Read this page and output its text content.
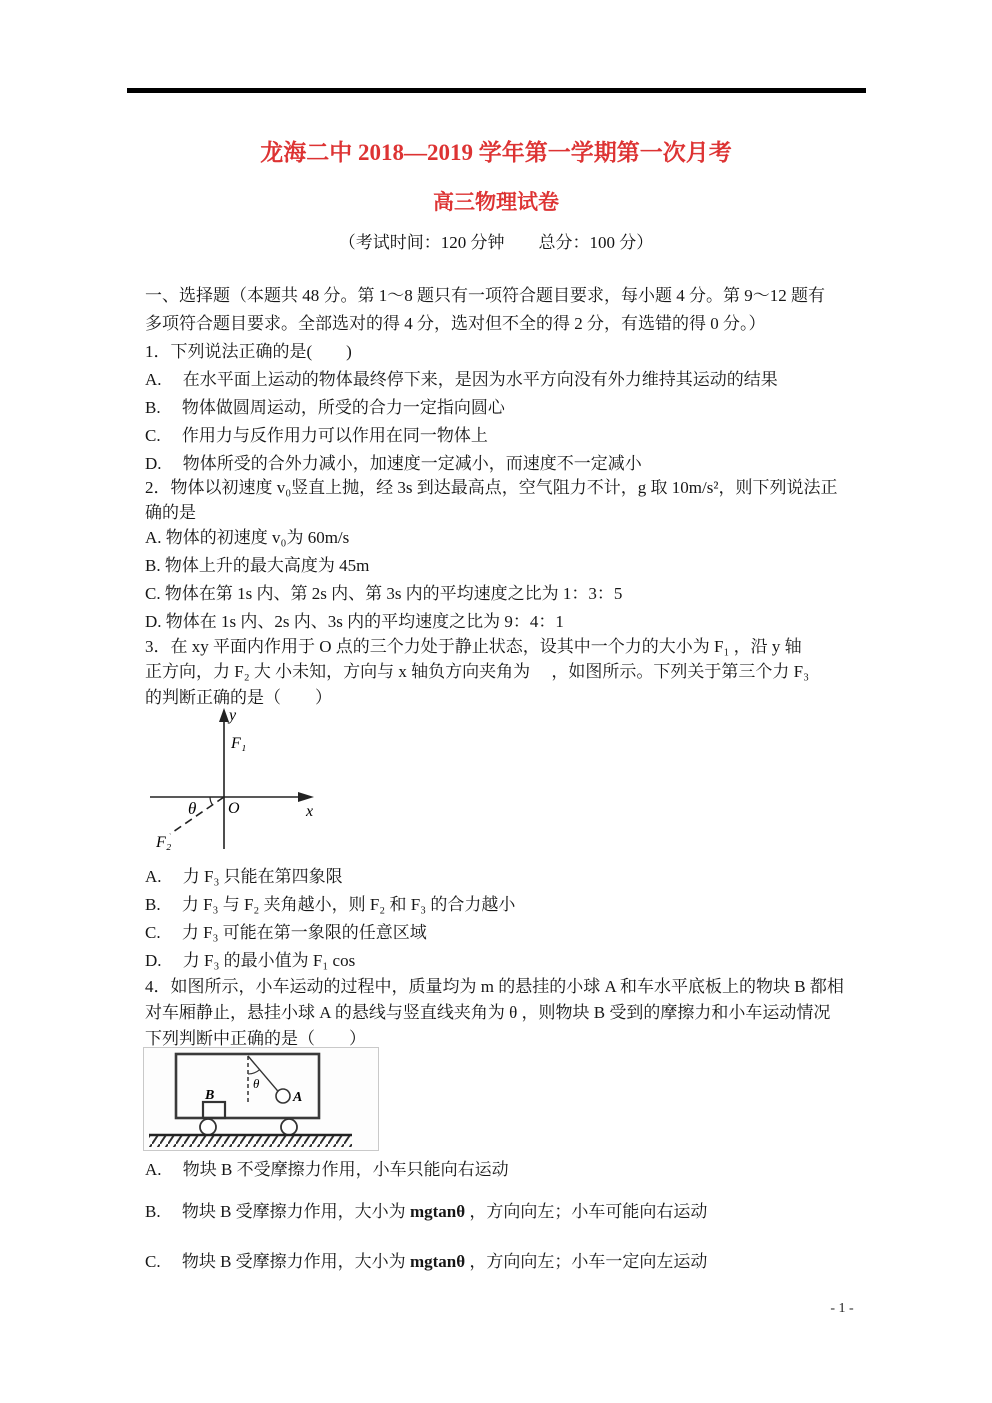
龙海二中 2018—2019 学年第一学期第一次月考
高三物理试卷
（考试时间：120 分钟　　总分：100 分）
一、选择题（本题共 48 分。第 1～8 题只有一项符合题目要求，每小题 4 分。第 9～12 题有
多项符合题目要求。全部选对的得 4 分，选对但不全的得 2 分，有选错的得 0 分。）
1．下列说法正确的是(　　)
A.　 在水平面上运动的物体最终停下来，是因为水平方向没有外力维持其运动的结果
B.　 物体做圆周运动，所受的合力一定指向圆心
C.　 作用力与反作用力可以作用在同一物体上
D.　 物体所受的合外力减小，加速度一定减小，而速度不一定减小
2．物体以初速度 v₀竖直上抛，经 3s 到达最高点，空气阻力不计，g 取 10m/s²，则下列说法正
确的是
A. 物体的初速度 v₀为 60m/s
B. 物体上升的最大高度为 45m
C. 物体在第 1s 内、第 2s 内、第 3s 内的平均速度之比为 1：3：5
D. 物体在 1s 内、2s 内、3s 内的平均速度之比为 9：4：1
3．在 xy 平面内作用于 O 点的三个力处于静止状态，设其中一个力的大小为 F₁ ，沿 y 轴
正方向，力 F₂ 大 小未知，方向与 x 轴负方向夹角为　 ，如图所示。下列关于第三个力 F₃
的判断正确的是（　　）
y
F₁
O	x
θ
F₂
A.　 力 F₃ 只能在第四象限
B.　 力 F₃ 与 F₂ 夹角越小，则 F₂ 和 F₃ 的合力越小
C.　 力 F₃ 可能在第一象限的任意区域
D.　 力 F₃ 的最小值为 F₁ cos
4．如图所示，小车运动的过程中，质量均为 m 的悬挂的小球 A 和车水平底板上的物块 B 都相
对车厢静止，悬挂小球 A 的悬线与竖直线夹角为 θ ，则物块 B 受到的摩擦力和小车运动情况
下列判断中正确的是（　　）
θ
A
B
A.　 物块 B 不受摩擦力作用，小车只能向右运动
B.　 物块 B 受摩擦力作用，大小为 mgtanθ ，方向向左；小车可能向右运动
C.　 物块 B 受摩擦力作用，大小为 mgtanθ ，方向向左；小车一定向左运动
- 1 -
